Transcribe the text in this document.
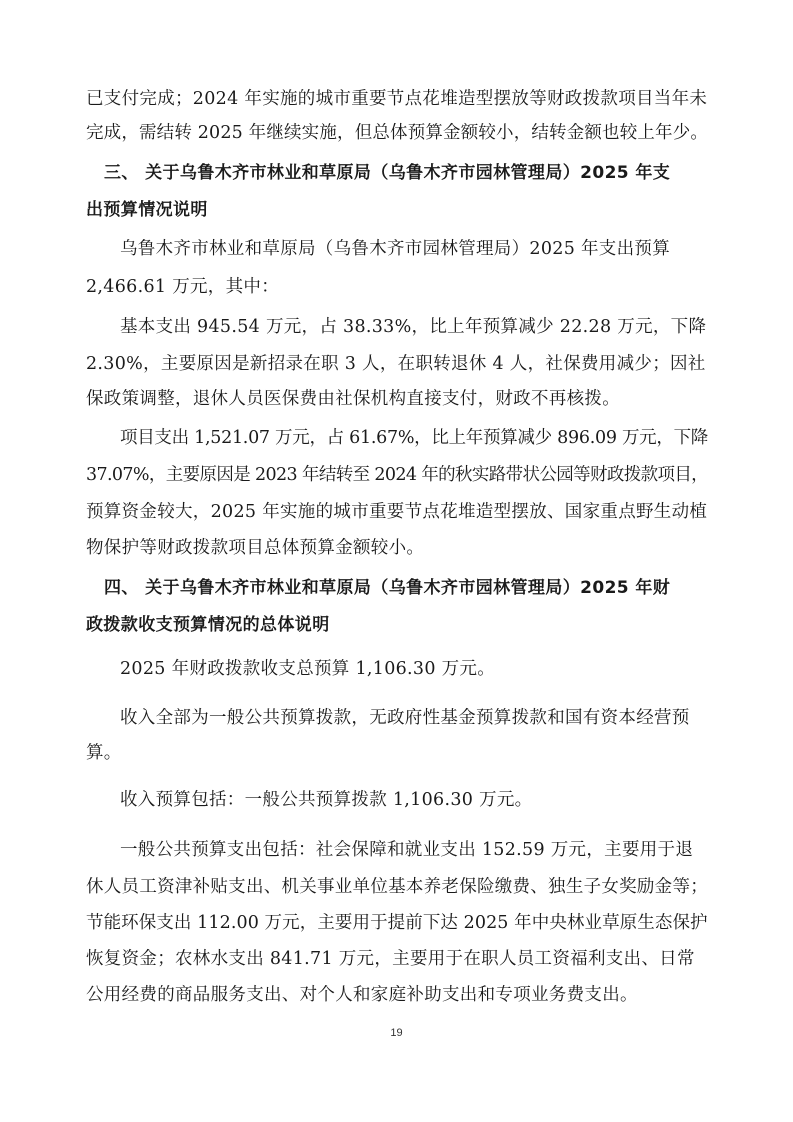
已支付完成；2024 年实施的城市重要节点花堆造型摆放等财政拨款项目当年未
完成，需结转 2025 年继续实施，但总体预算金额较小，结转金额也较上年少。
三、 关于乌鲁木齐市林业和草原局（乌鲁木齐市园林管理局）2025 年支
出预算情况说明
乌鲁木齐市林业和草原局（乌鲁木齐市园林管理局）2025 年支出预算
2,466.61 万元，其中：
基本支出 945.54 万元，占 38.33%，比上年预算减少 22.28 万元，下降
2.30%，主要原因是新招录在职 3 人，在职转退休 4 人，社保费用减少；因社
保政策调整，退休人员医保费由社保机构直接支付，财政不再核拨。
项目支出 1,521.07 万元，占 61.67%，比上年预算减少 896.09 万元，下降
37.07%，主要原因是 2023 年结转至 2024 年的秋实路带状公园等财政拨款项目，
预算资金较大，2025 年实施的城市重要节点花堆造型摆放、国家重点野生动植
物保护等财政拨款项目总体预算金额较小。
四、 关于乌鲁木齐市林业和草原局（乌鲁木齐市园林管理局）2025 年财
政拨款收支预算情况的总体说明
2025 年财政拨款收支总预算 1,106.30 万元。
收入全部为一般公共预算拨款，无政府性基金预算拨款和国有资本经营预
算。
收入预算包括：一般公共预算拨款 1,106.30 万元。
一般公共预算支出包括：社会保障和就业支出 152.59 万元，主要用于退
休人员工资津补贴支出、机关事业单位基本养老保险缴费、独生子女奖励金等；
节能环保支出 112.00 万元，主要用于提前下达 2025 年中央林业草原生态保护
恢复资金；农林水支出 841.71 万元，主要用于在职人员工资福利支出、日常
公用经费的商品服务支出、对个人和家庭补助支出和专项业务费支出。
19
